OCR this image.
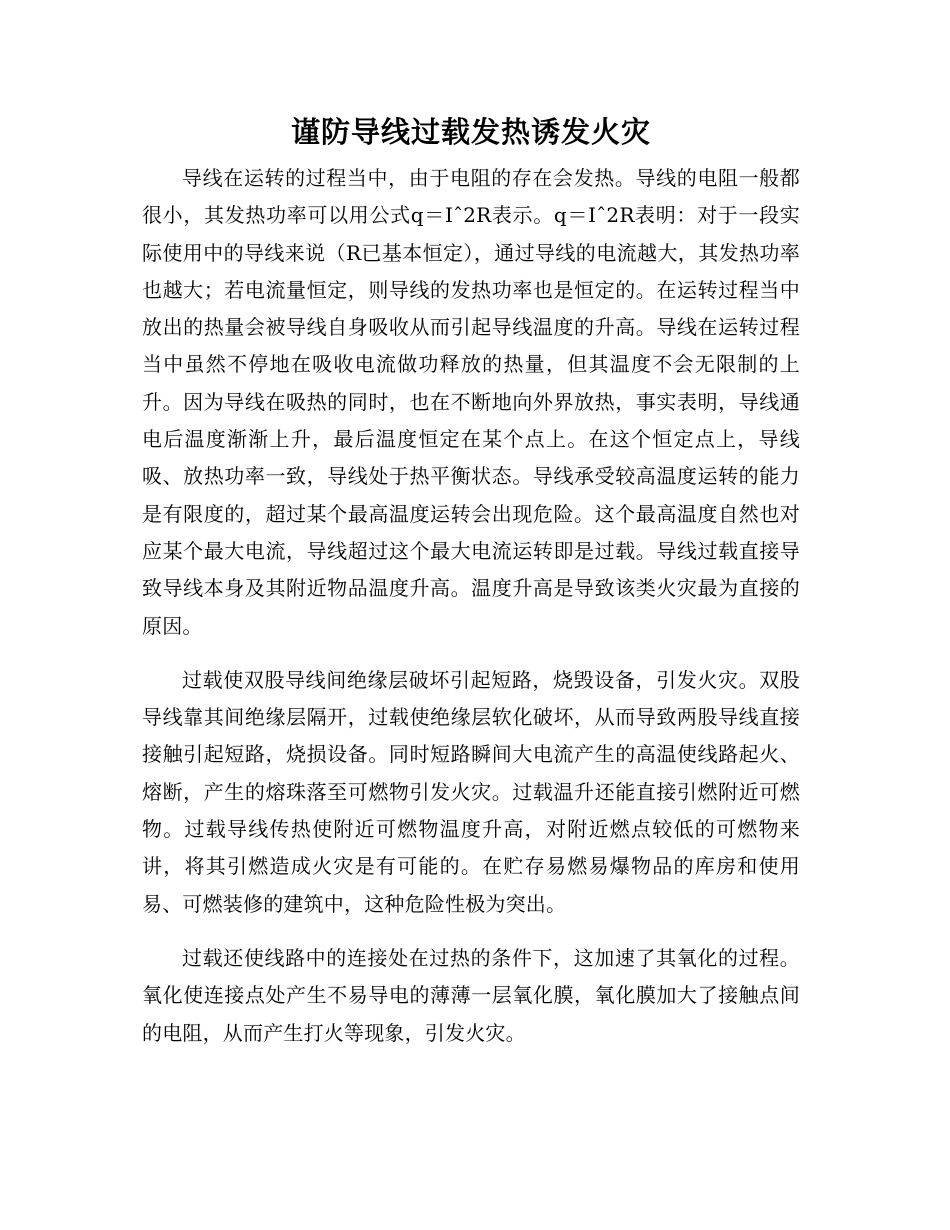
谨防导线过载发热诱发火灾

导线在运转的过程当中，由于电阻的存在会发热。导线的电阻一般都很小，其发热功率可以用公式q＝Iˆ2R表示。q＝Iˆ2R表明：对于一段实际使用中的导线来说（R已基本恒定），通过导线的电流越大，其发热功率也越大；若电流量恒定，则导线的发热功率也是恒定的。在运转过程当中放出的热量会被导线自身吸收从而引起导线温度的升高。导线在运转过程当中虽然不停地在吸收电流做功释放的热量，但其温度不会无限制的上升。因为导线在吸热的同时，也在不断地向外界放热，事实表明，导线通电后温度渐渐上升，最后温度恒定在某个点上。在这个恒定点上，导线吸、放热功率一致，导线处于热平衡状态。导线承受较高温度运转的能力是有限度的，超过某个最高温度运转会出现危险。这个最高温度自然也对应某个最大电流，导线超过这个最大电流运转即是过载。导线过载直接导致导线本身及其附近物品温度升高。温度升高是导致该类火灾最为直接的原因。

过载使双股导线间绝缘层破坏引起短路，烧毁设备，引发火灾。双股导线靠其间绝缘层隔开，过载使绝缘层软化破坏，从而导致两股导线直接接触引起短路，烧损设备。同时短路瞬间大电流产生的高温使线路起火、熔断，产生的熔珠落至可燃物引发火灾。过载温升还能直接引燃附近可燃物。过载导线传热使附近可燃物温度升高，对附近燃点较低的可燃物来讲，将其引燃造成火灾是有可能的。在贮存易燃易爆物品的库房和使用易、可燃装修的建筑中，这种危险性极为突出。

过载还使线路中的连接处在过热的条件下，这加速了其氧化的过程。氧化使连接点处产生不易导电的薄薄一层氧化膜，氧化膜加大了接触点间的电阻，从而产生打火等现象，引发火灾。
